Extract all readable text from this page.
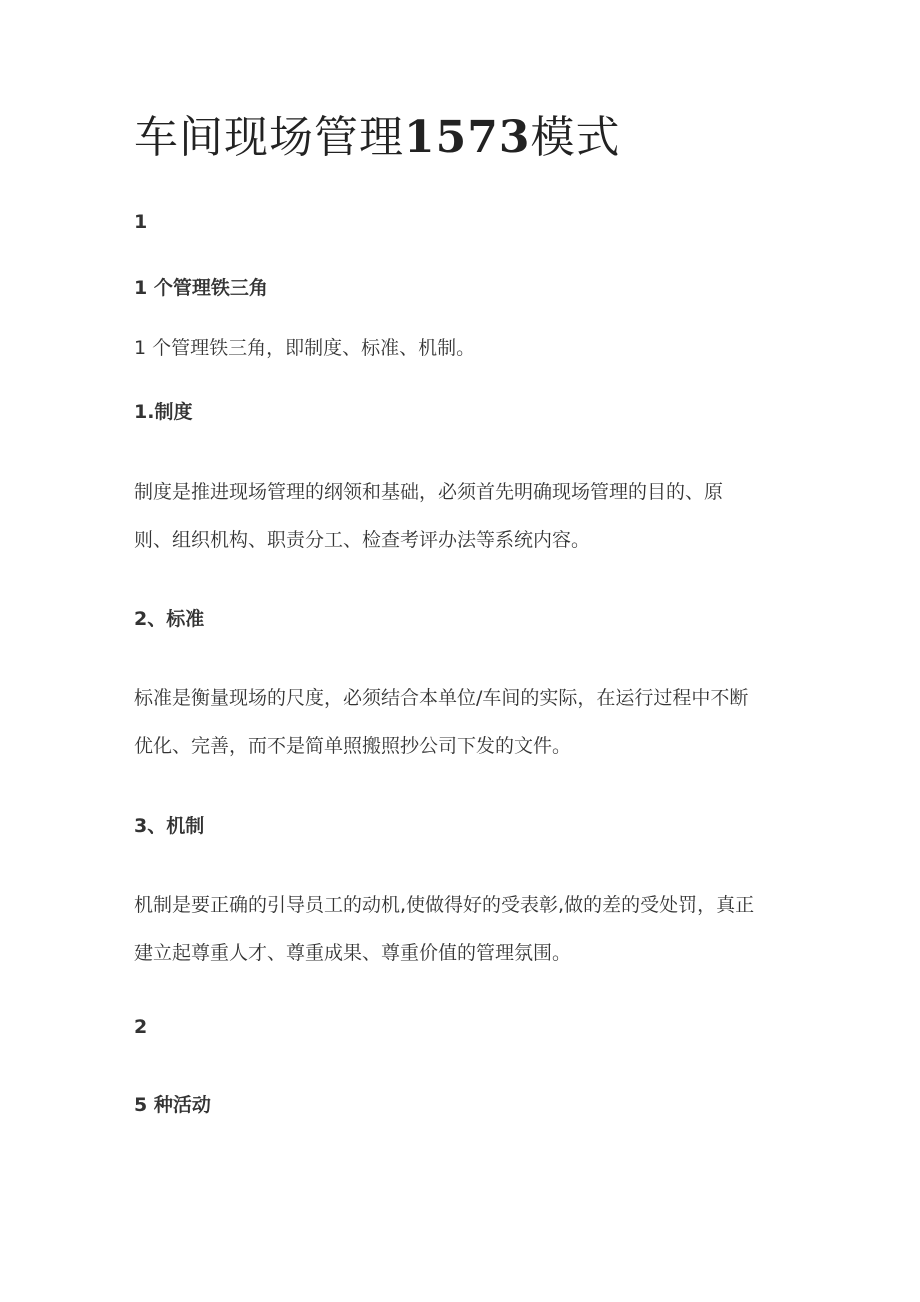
车间现场管理1573模式
1
1 个管理铁三角

1 个管理铁三角，即制度、标准、机制。

1.制度

制度是推进现场管理的纲领和基础，必须首先明确现场管理的目的、原

则、组织机构、职责分工、检查考评办法等系统内容。

2、标准

标准是衡量现场的尺度，必须结合本单位/车间的实际，在运行过程中不断

优化、完善，而不是简单照搬照抄公司下发的文件。

3、机制

机制是要正确的引导员工的动机,使做得好的受表彰,做的差的受处罚，真正

建立起尊重人才、尊重成果、尊重价值的管理氛围。

2
5 种活动
